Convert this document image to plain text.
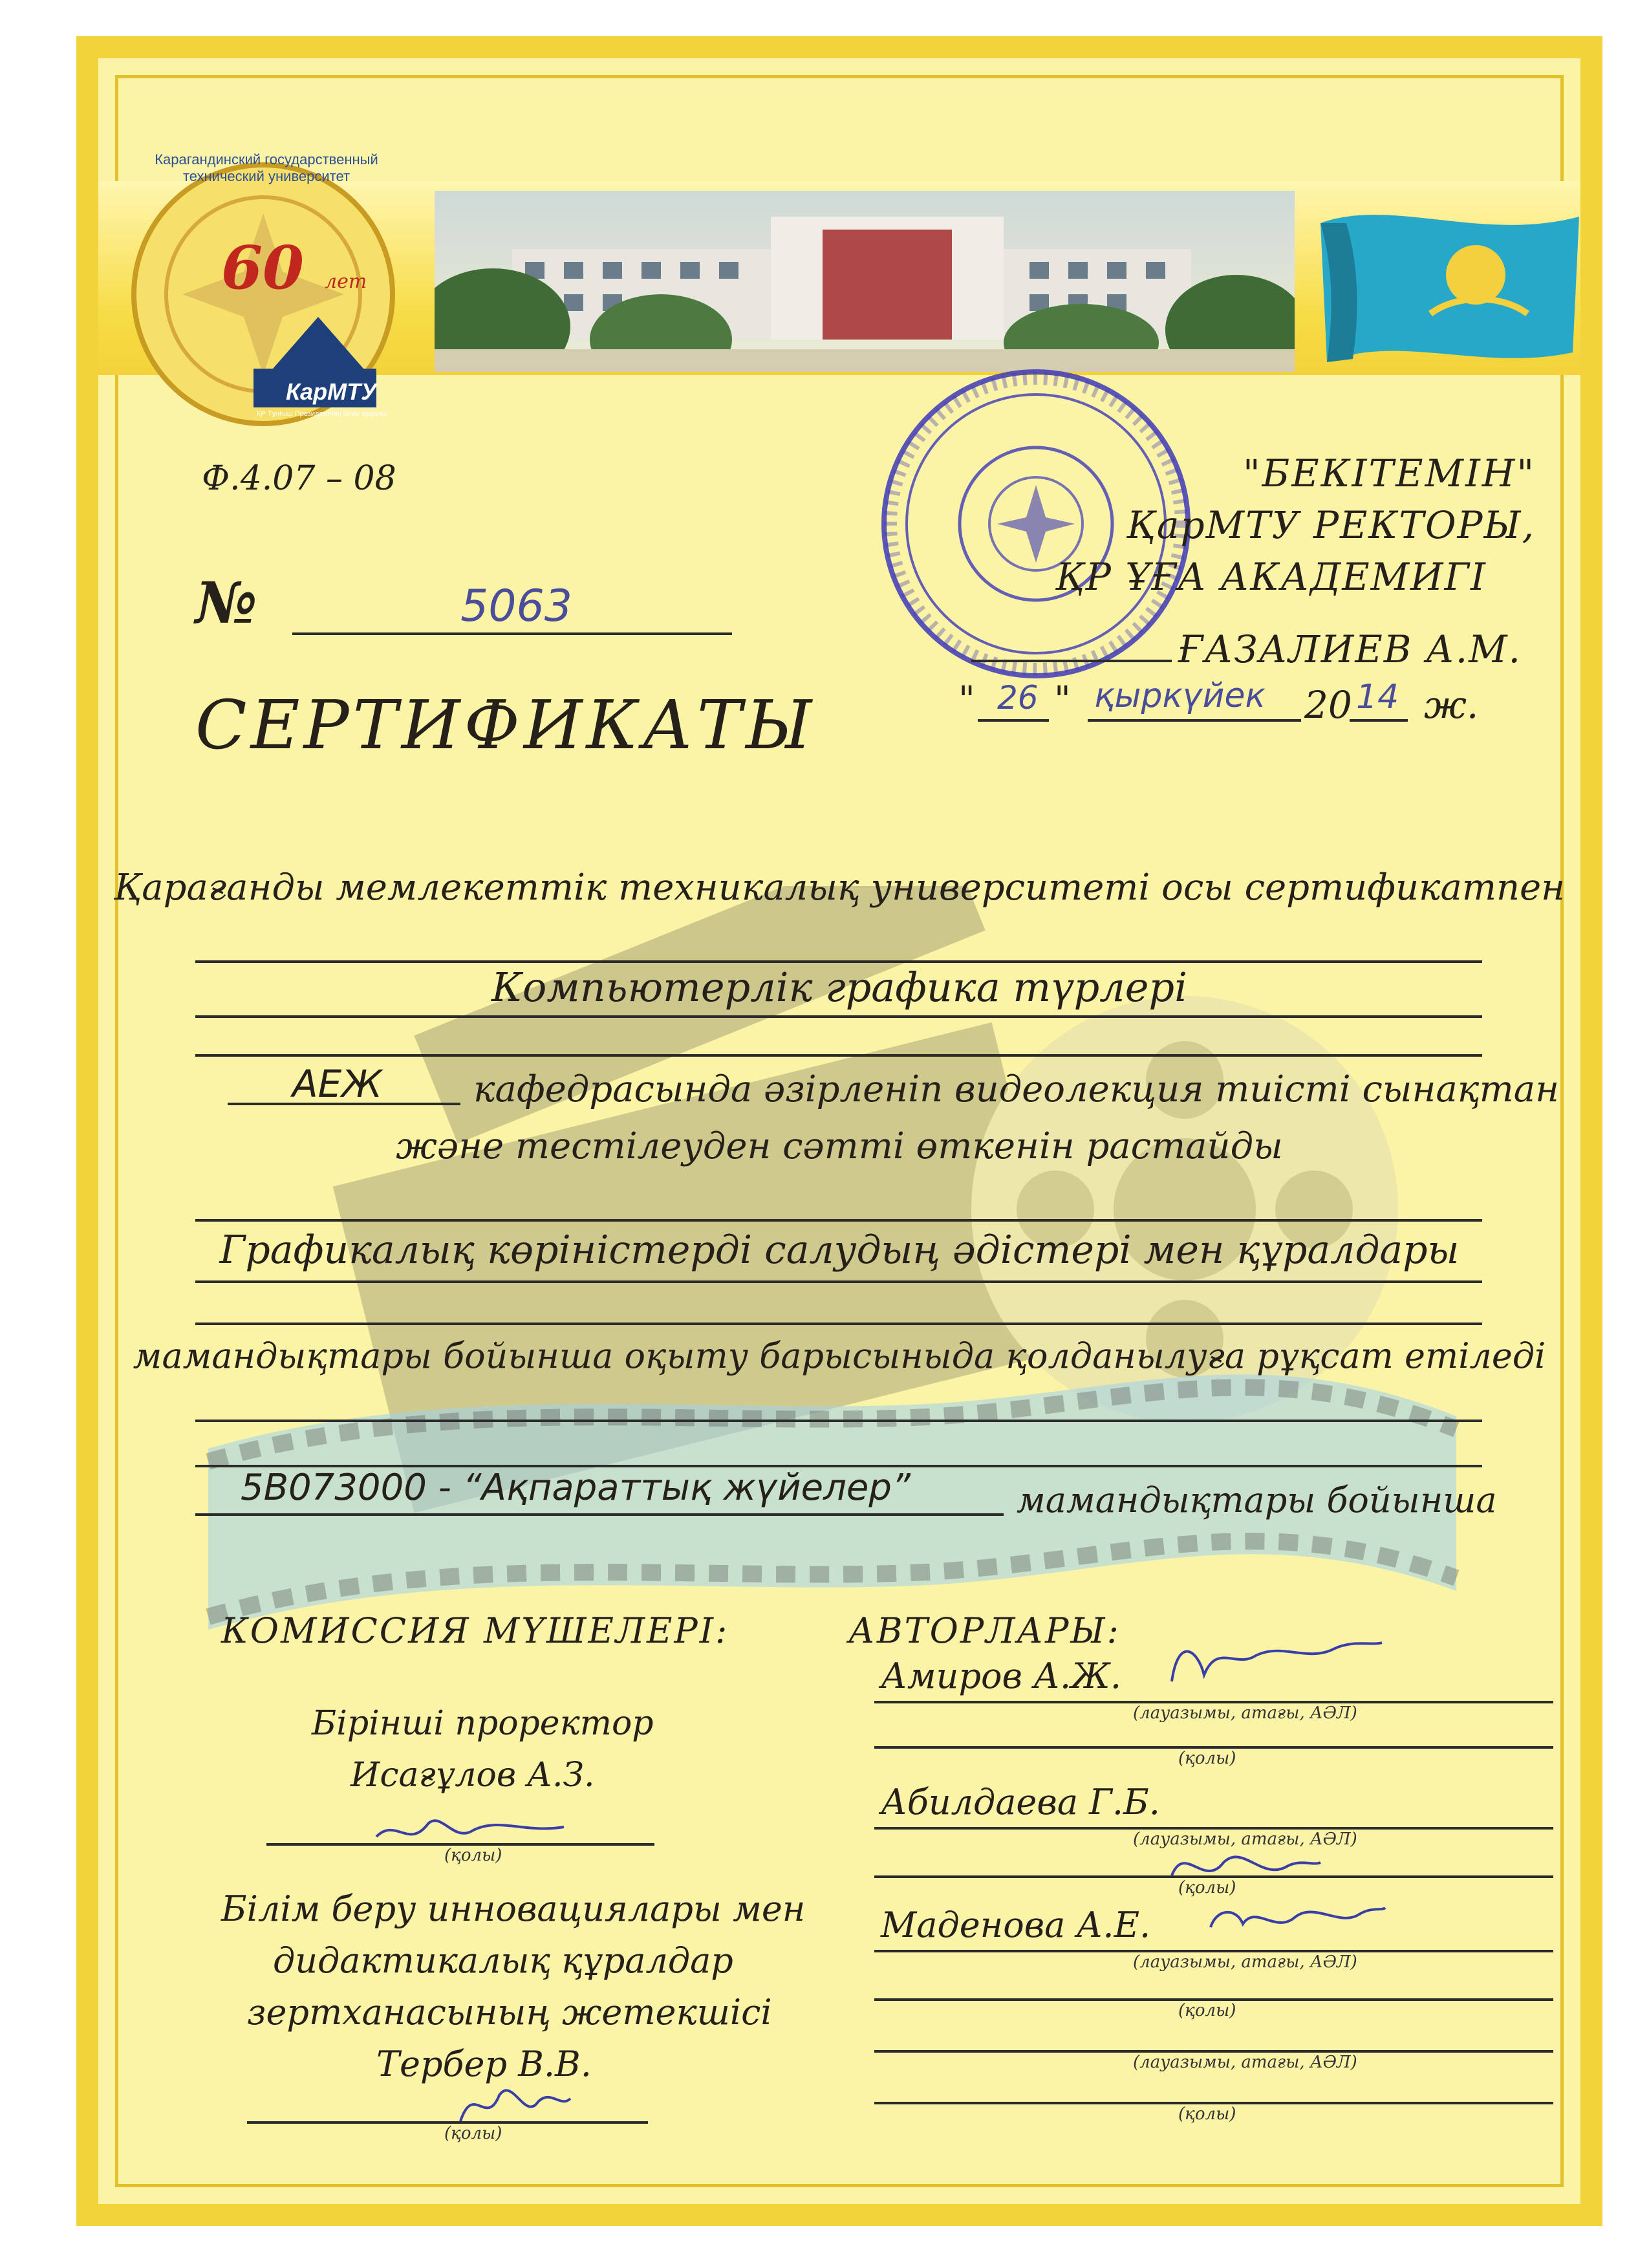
Карагандинский государственный технический университет
60 лет
КарМТУ
ҚР Тұңғыш Президентінің білім орданы
Ф.4.07 – 08
№	5063
СЕРТИФИКАТЫ
"БЕКІТЕМІН"
ҚарМТУ РЕКТОРЫ,
ҚР ҰҒА АКАДЕМИГІ
ҒАЗАЛИЕВ А.М.
" 26 " қыркүйек 20 14 ж.
Қарағанды мемлекеттік техникалық университеті осы сертификатпен
Компьютерлік графика түрлері
АЕЖ	кафедрасында әзірленіп видеолекция тиісті сынақтан
және тестілеуден сәтті өткенін растайды
Графикалық көріністерді салудың әдістері мен құралдары
мамандықтары бойынша оқыту барысыныда қолданылуға рұқсат етіледі
5В073000 - “Ақпараттық жүйелер”	мамандықтары бойынша
КОМИССИЯ МҮШЕЛЕРІ:
Бірінші проректор
Исағұлов А.З.
(қолы)
Білім беру инновациялары мен
дидактикалық құралдар
зертханасының жетекшісі
Тербер В.В.
(қолы)
АВТОРЛАРЫ:
Амиров А.Ж.
(лауазымы, атағы, АӘЛ)
(қолы)
Абилдаева Г.Б.
(лауазымы, атағы, АӘЛ)
(қолы)
Маденова А.Е.
(лауазымы, атағы, АӘЛ)
(қолы)
(лауазымы, атағы, АӘЛ)
(қолы)
